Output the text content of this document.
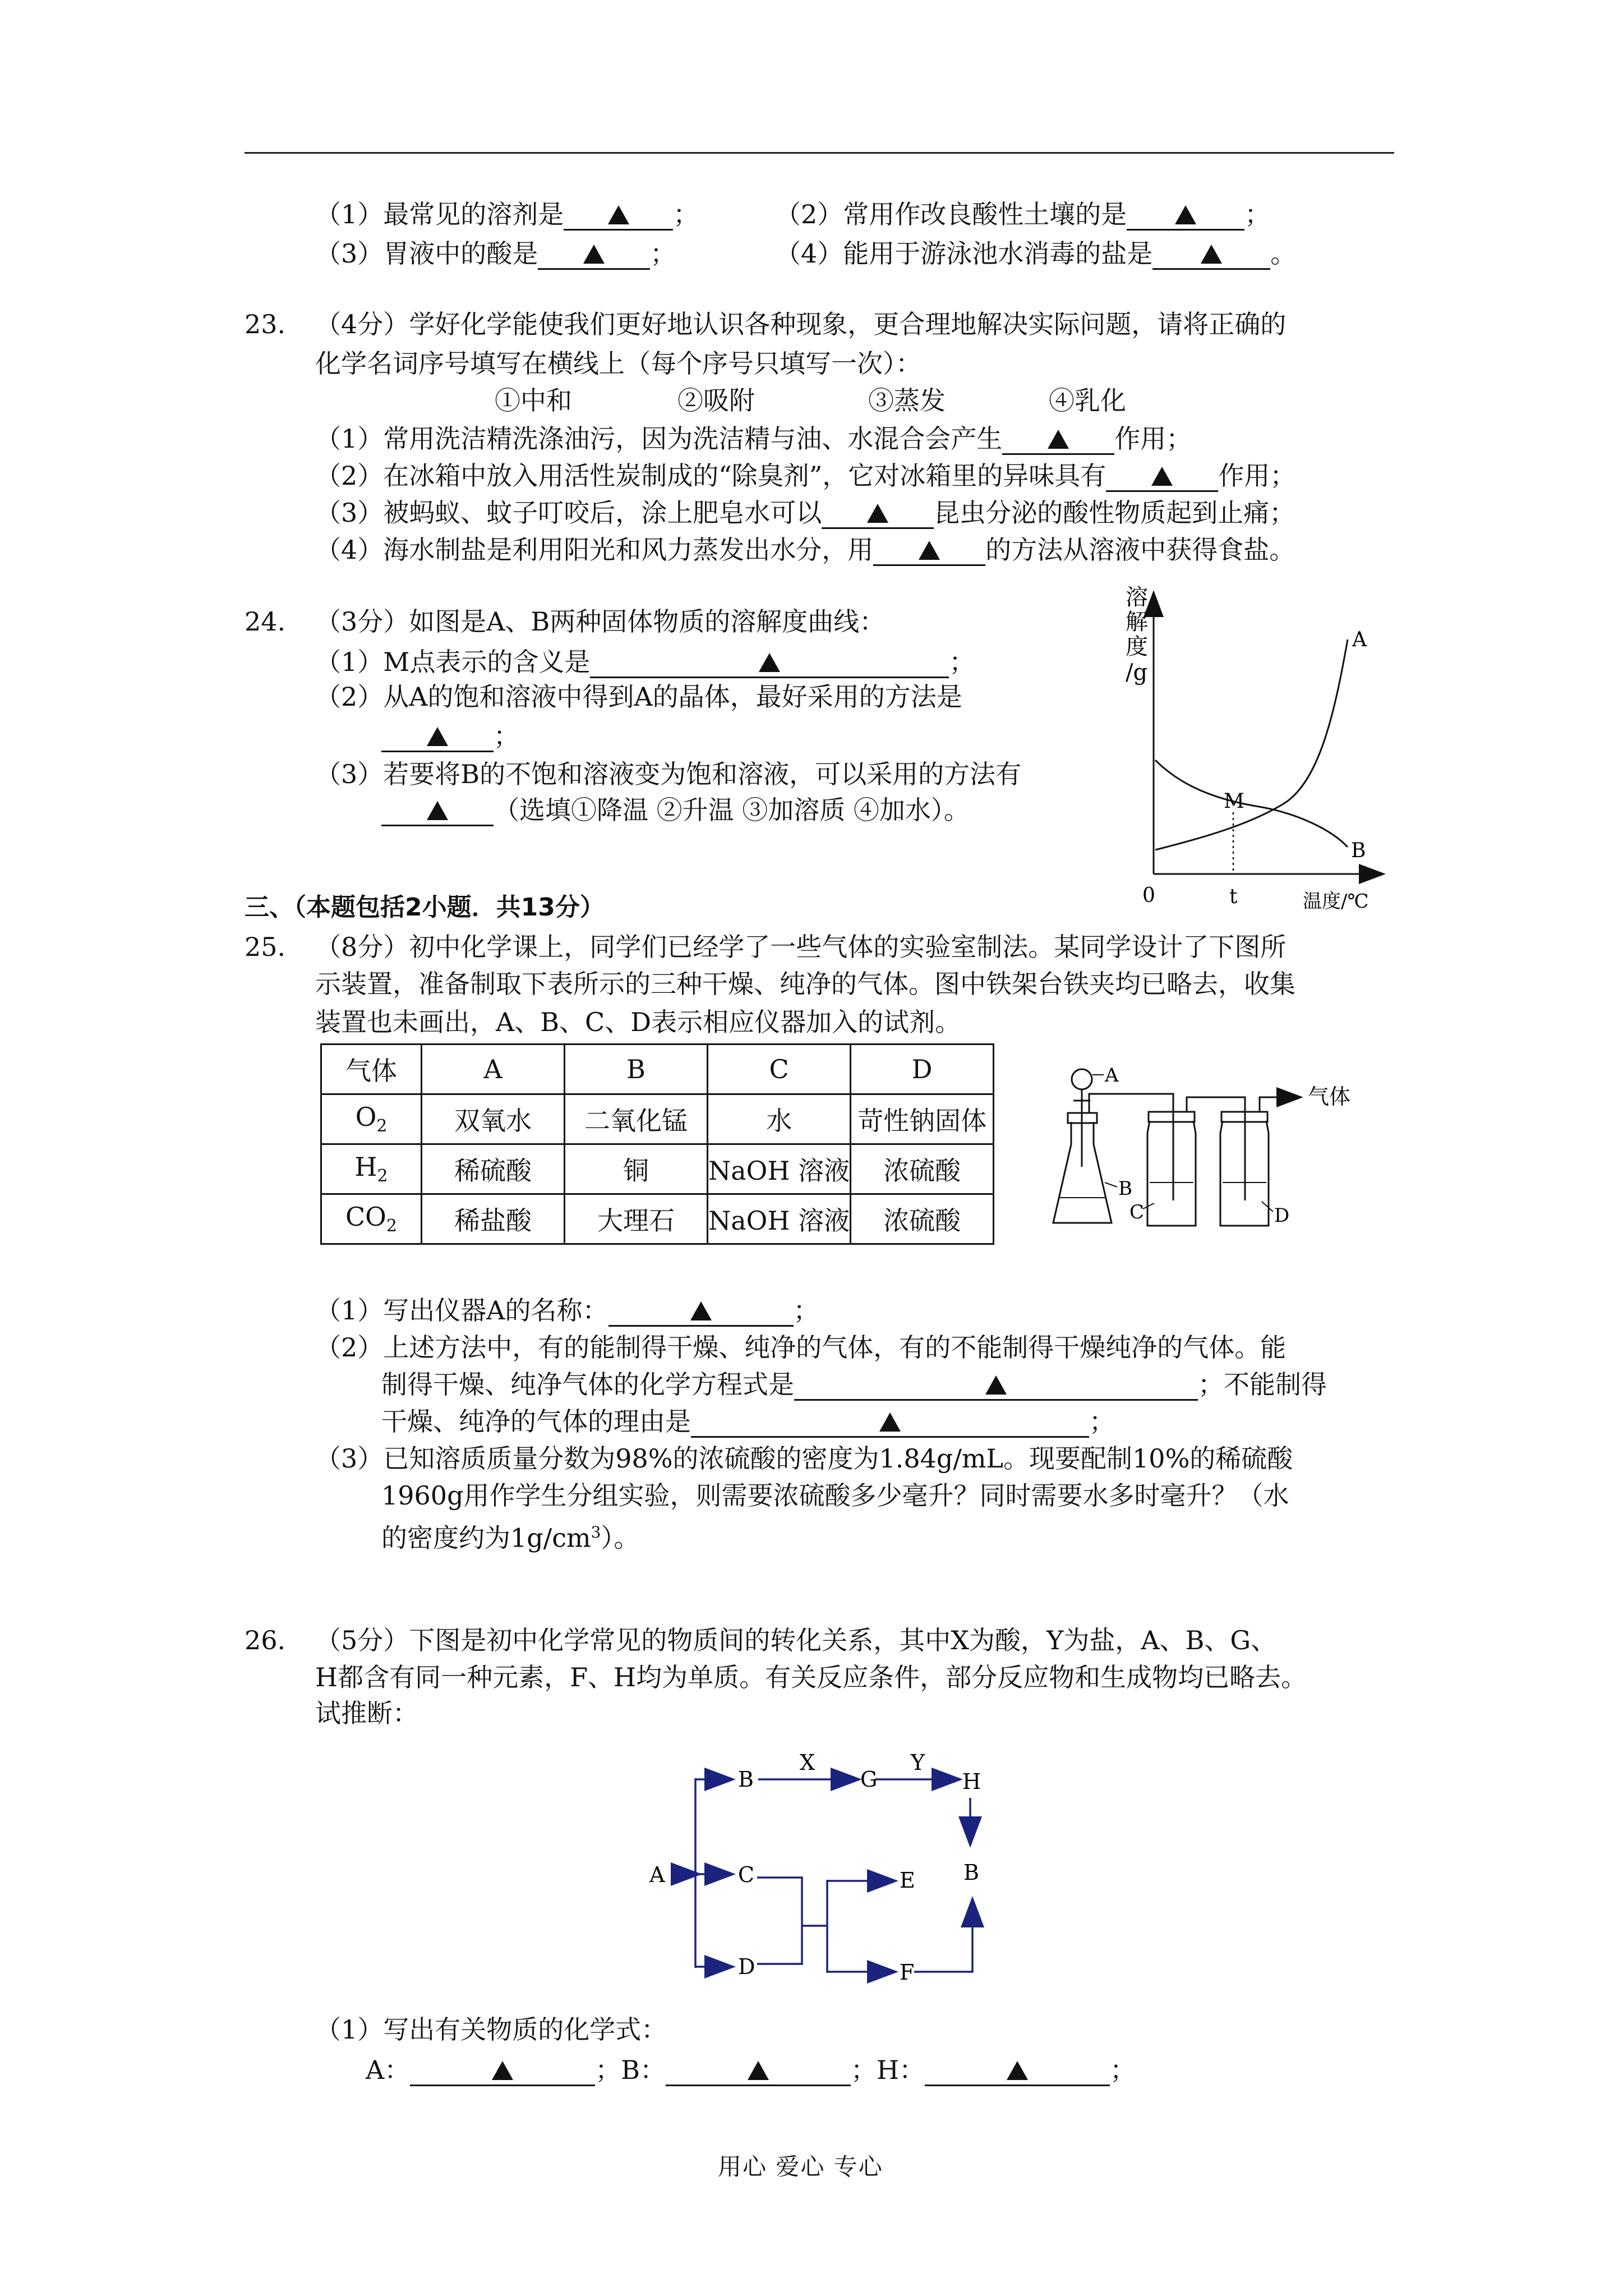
（1）最常见的溶剂是	；	（2）常用作改良酸性土壤的是	；
（3）胃液中的酸是	；	（4）能用于游泳池水消毒的盐是	。
23. （4分）学好化学能使我们更好地认识各种现象，更合理地解决实际问题，请将正确的
化学名词序号填写在横线上（每个序号只填写一次）：
①中和	②吸附	③蒸发	④乳化
（1）常用洗洁精洗涤油污，因为洗洁精与油、水混合会产生	作用；
（2）在冰箱中放入用活性炭制成的“除臭剂”，它对冰箱里的异味具有	作用；
（3）被蚂蚁、蚊子叮咬后，涂上肥皂水可以	昆虫分泌的酸性物质起到止痛；
（4）海水制盐是利用阳光和风力蒸发出水分，用	的方法从溶液中获得食盐。
24. （3分）如图是A、B两种固体物质的溶解度曲线：
（1）M点表示的含义是	；
（2）从A的饱和溶液中得到A的晶体，最好采用的方法是
；
（3）若要将B的不饱和溶液变为饱和溶液，可以采用的方法有
（选填①降温 ②升温 ③加溶质 ④加水）。
溶
解
度
/g
A
M
B
0	t	温度/℃
三、（本题包括2小题．共13分）
25. （8分）初中化学课上，同学们已经学了一些气体的实验室制法。某同学设计了下图所
示装置，准备制取下表所示的三种干燥、纯净的气体。图中铁架台铁夹均已略去，收集
装置也未画出，A、B、C、D表示相应仪器加入的试剂。
气体	A	B	C	D
$O_2$	双氧水	二氧化锰	水	苛性钠固体
$H_2$	稀硫酸	铜	NaOH 溶液	浓硫酸
$CO_2$	稀盐酸	大理石	NaOH 溶液	浓硫酸
A
B
C	D
气体
（1）写出仪器A的名称：	；
（2）上述方法中，有的能制得干燥、纯净的气体，有的不能制得干燥纯净的气体。能
制得干燥、纯净气体的化学方程式是	；不能制得
干燥、纯净的气体的理由是	；
（3）已知溶质质量分数为98%的浓硫酸的密度为1.84g/mL。现要配制10%的稀硫酸
1960g用作学生分组实验，则需要浓硫酸多少毫升？同时需要水多时毫升？（水
的密度约为$1g/cm^3$）。
26. （5分）下图是初中化学常见的物质间的转化关系，其中X为酸，Y为盐，A、B、G、
H都含有同一种元素，F、H均为单质。有关反应条件，部分反应物和生成物均已略去。
试推断：
A
B
C
D
G	H
E
F
B
X	Y
（1）写出有关物质的化学式：
A：	；B：	；H：	；
用心 爱心 专心
